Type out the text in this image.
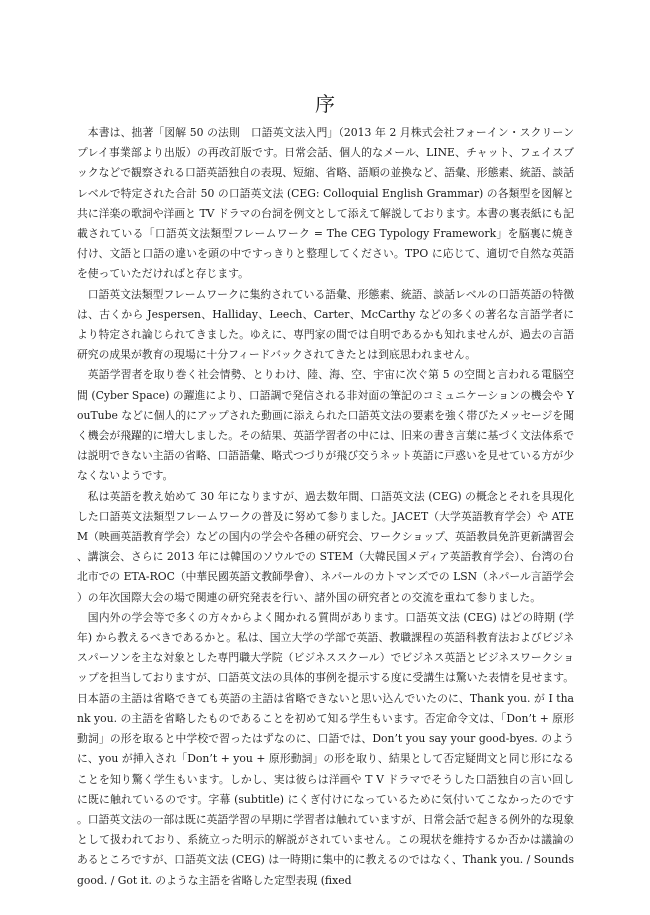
序

本書は、拙著「図解 50 の法則　口語英文法入門」（2013 年 2 月株式会社フォーイン・スクリーンプレイ事業部より出版）の再改訂版です。日常会話、個人的なメール、LINE、チャット、フェイスブックなどで観察される口語英語独自の表現、短縮、省略、語順の並換など、語彙、形態素、統語、談話レベルで特定された合計 50 の口語英文法 (CEG: Colloquial English Grammar) の各類型を図解と共に洋楽の歌詞や洋画と TV ドラマの台詞を例文として添えて解説しております。本書の裏表紙にも記載されている「口語英文法類型フレームワーク = The CEG Typology Framework」を脳裏に焼き付け、文語と口語の違いを頭の中ですっきりと整理してください。TPO に応じて、適切で自然な英語を使っていただければと存じます。

口語英文法類型フレームワークに集約されている語彙、形態素、統語、談話レベルの口語英語の特徴は、古くから Jespersen、Halliday、Leech、Carter、McCarthy などの多くの著名な言語学者により特定され論じられてきました。ゆえに、専門家の間では自明であるかも知れませんが、過去の言語研究の成果が教育の現場に十分フィードバックされてきたとは到底思われません。

英語学習者を取り巻く社会情勢、とりわけ、陸、海、空、宇宙に次ぐ第 5 の空間と言われる電脳空間 (Cyber Space) の躍進により、口語調で発信される非対面の筆記のコミュニケーションの機会や YouTube などに個人的にアップされた動画に添えられた口語英文法の要素を強く帯びたメッセージを聞く機会が飛躍的に増大しました。その結果、英語学習者の中には、旧来の書き言葉に基づく文法体系では説明できない主語の省略、口語語彙、略式つづりが飛び交うネット英語に戸惑いを見せている方が少なくないようです。

私は英語を教え始めて 30 年になりますが、過去数年間、口語英文法 (CEG) の概念とそれを具現化した口語英文法類型フレームワークの普及に努めて参りました。JACET（大学英語教育学会）や ATEM（映画英語教育学会）などの国内の学会や各種の研究会、ワークショップ、英語教員免許更新講習会、講演会、さらに 2013 年には韓国のソウルでの STEM（大韓民国メディア英語教育学会）、台湾の台北市での ETA-ROC（中華民國英語文教師學會）、ネパールのカトマンズでの LSN（ネパール言語学会）の年次国際大会の場で関連の研究発表を行い、諸外国の研究者との交流を重ねて参りました。

国内外の学会等で多くの方々からよく聞かれる質問があります。口語英文法 (CEG) はどの時期 (学年) から教えるべきであるかと。私は、国立大学の学部で英語、教職課程の英語科教育法およびビジネスパーソンを主な対象とした専門職大学院（ビジネススクール）でビジネス英語とビジネスワークショップを担当しておりますが、口語英文法の具体的事例を提示する度に受講生は驚いた表情を見せます。日本語の主語は省略できても英語の主語は省略できないと思い込んでいたのに、Thank you. が I thank you. の主語を省略したものであることを初めて知る学生もいます。否定命令文は、「Don’t + 原形動詞」の形を取ると中学校で習ったはずなのに、口語では、Don’t you say your good-byes. のように、you が挿入され「Don’t + you + 原形動詞」の形を取り、結果として否定疑問文と同じ形になることを知り驚く学生もいます。しかし、実は彼らは洋画や T V ドラマでそうした口語独自の言い回しに既に触れているのです。字幕 (subtitle) にくぎ付けになっているために気付いてこなかったのです。口語英文法の一部は既に英語学習の早期に学習者は触れていますが、日常会話で起きる例外的な現象として扱われており、系統立った明示的解説がされていません。この現状を維持するか否かは議論のあるところですが、口語英文法 (CEG) は一時期に集中的に教えるのではなく、Thank you. / Sounds good. / Got it. のような主語を省略した定型表現 (fixed
